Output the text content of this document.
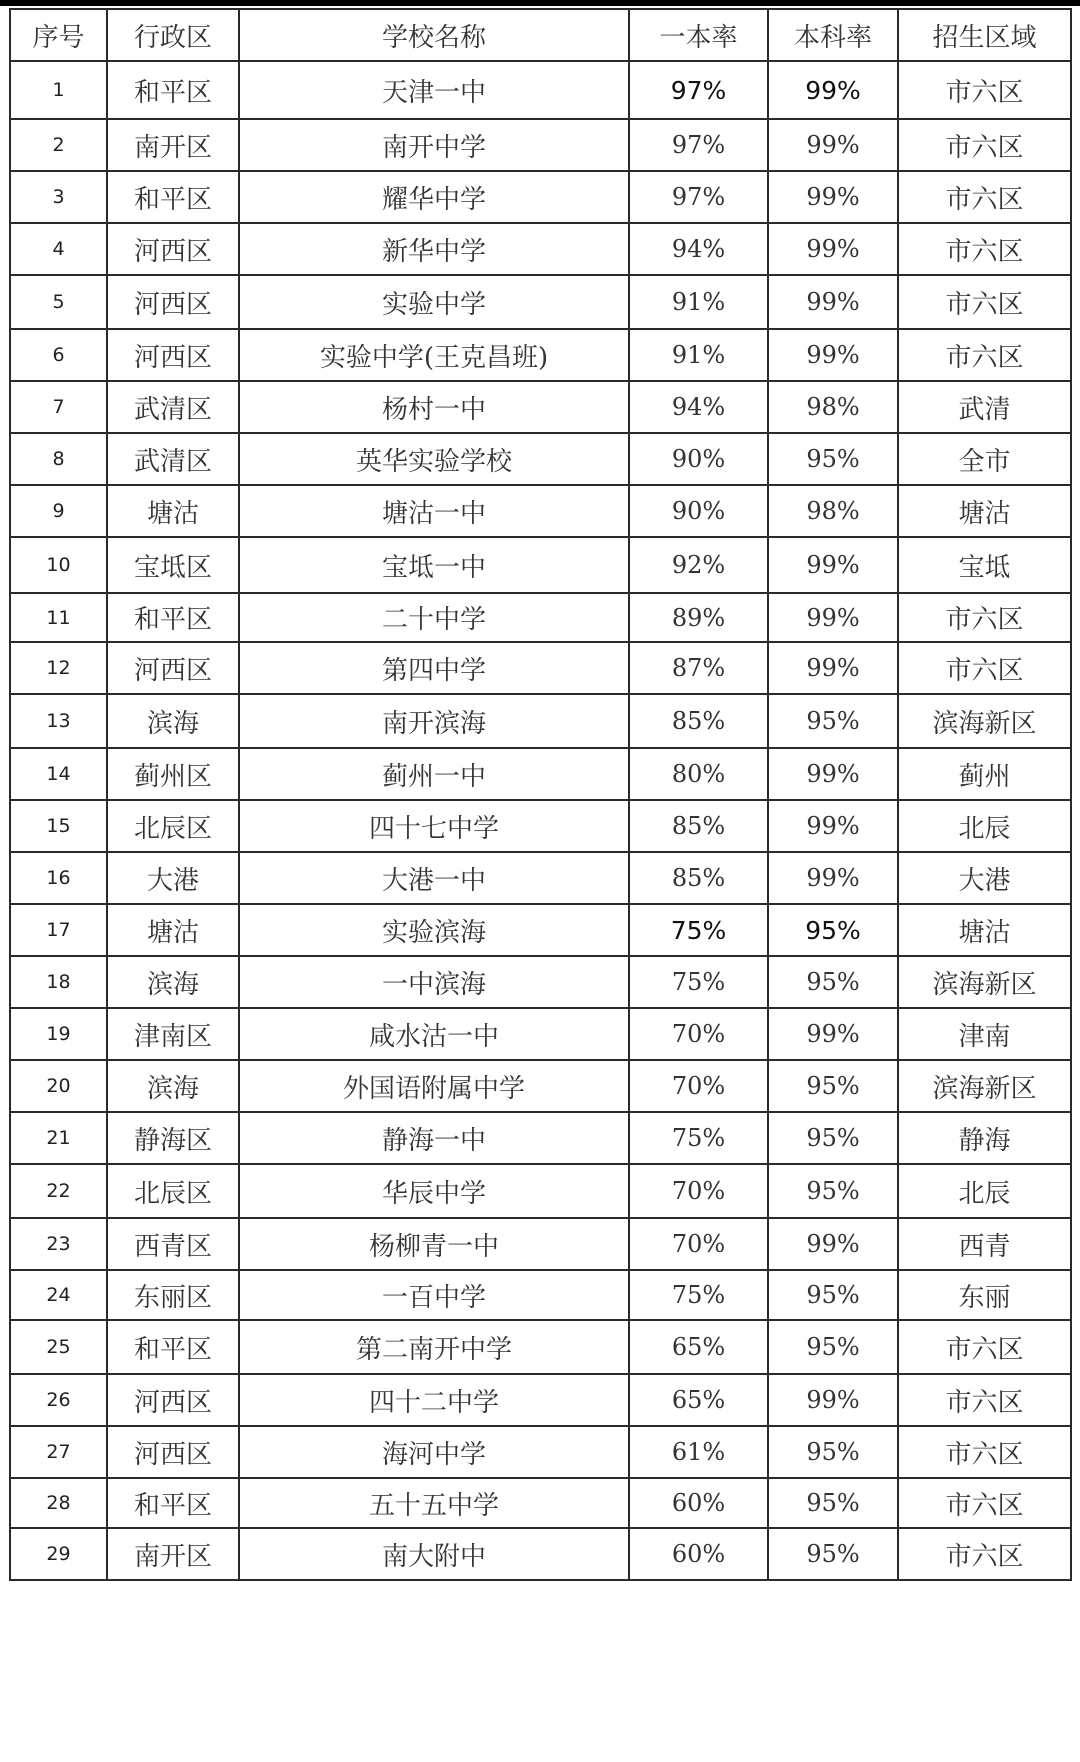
序号	行政区	学校名称	一本率	本科率	招生区域
1	和平区	天津一中	97%	99%	市六区
2	南开区	南开中学	97%	99%	市六区
3	和平区	耀华中学	97%	99%	市六区
4	河西区	新华中学	94%	99%	市六区
5	河西区	实验中学	91%	99%	市六区
6	河西区	实验中学(王克昌班)	91%	99%	市六区
7	武清区	杨村一中	94%	98%	武清
8	武清区	英华实验学校	90%	95%	全市
9	塘沽	塘沽一中	90%	98%	塘沽
10	宝坻区	宝坻一中	92%	99%	宝坻
11	和平区	二十中学	89%	99%	市六区
12	河西区	第四中学	87%	99%	市六区
13	滨海	南开滨海	85%	95%	滨海新区
14	蓟州区	蓟州一中	80%	99%	蓟州
15	北辰区	四十七中学	85%	99%	北辰
16	大港	大港一中	85%	99%	大港
17	塘沽	实验滨海	75%	95%	塘沽
18	滨海	一中滨海	75%	95%	滨海新区
19	津南区	咸水沽一中	70%	99%	津南
20	滨海	外国语附属中学	70%	95%	滨海新区
21	静海区	静海一中	75%	95%	静海
22	北辰区	华辰中学	70%	95%	北辰
23	西青区	杨柳青一中	70%	99%	西青
24	东丽区	一百中学	75%	95%	东丽
25	和平区	第二南开中学	65%	95%	市六区
26	河西区	四十二中学	65%	99%	市六区
27	河西区	海河中学	61%	95%	市六区
28	和平区	五十五中学	60%	95%	市六区
29	南开区	南大附中	60%	95%	市六区
